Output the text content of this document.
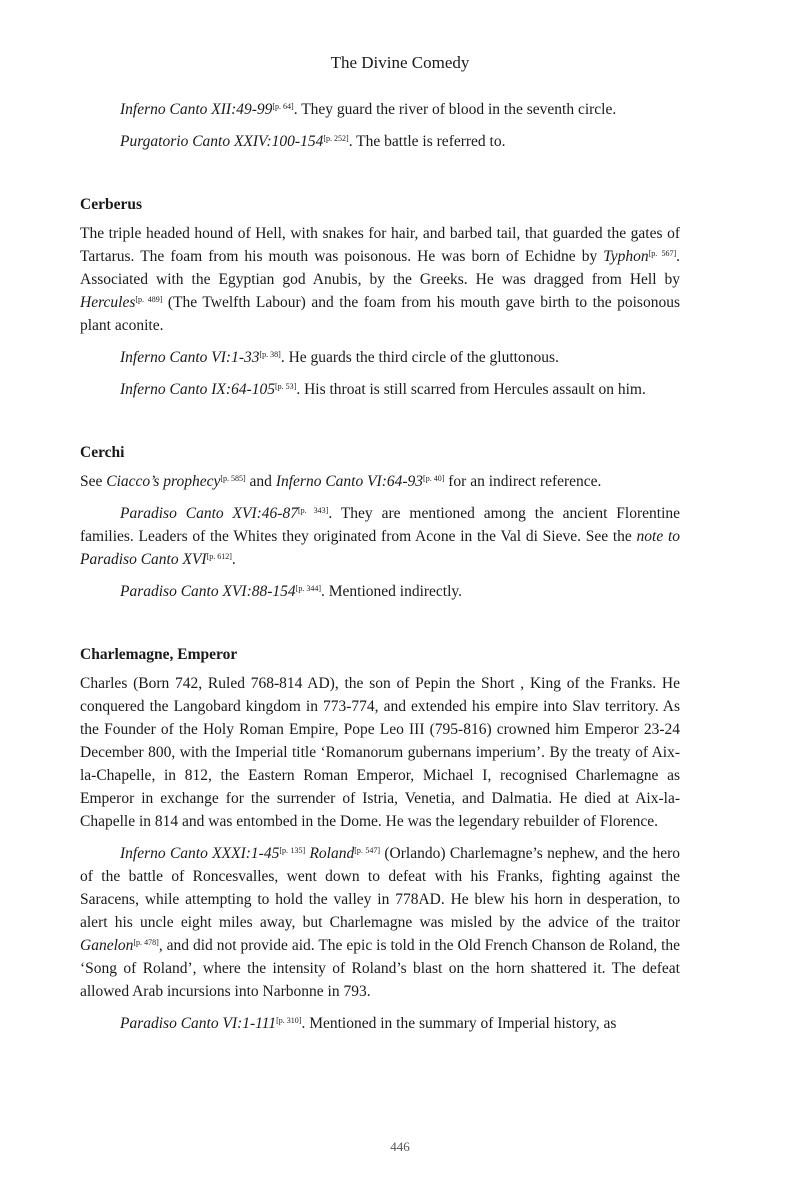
The Divine Comedy

Inferno Canto XII:49-99[p. 64]. They guard the river of blood in the seventh circle.

Purgatorio Canto XXIV:100-154[p. 252]. The battle is referred to.

Cerberus

The triple headed hound of Hell, with snakes for hair, and barbed tail, that guarded the gates of Tartarus. The foam from his mouth was poisonous. He was born of Echidne by Typhon[p. 567]. Associated with the Egyptian god Anubis, by the Greeks. He was dragged from Hell by Hercules[p. 489] (The Twelfth Labour) and the foam from his mouth gave birth to the poisonous plant aconite.

Inferno Canto VI:1-33[p. 38]. He guards the third circle of the gluttonous.

Inferno Canto IX:64-105[p. 53]. His throat is still scarred from Hercules assault on him.

Cerchi

See Ciacco’s prophecy[p. 585] and Inferno Canto VI:64-93[p. 40] for an indirect reference.

Paradiso Canto XVI:46-87[p. 343]. They are mentioned among the ancient Florentine families. Leaders of the Whites they originated from Acone in the Val di Sieve. See the note to Paradiso Canto XVI[p. 612].

Paradiso Canto XVI:88-154[p. 344]. Mentioned indirectly.

Charlemagne, Emperor

Charles (Born 742, Ruled 768-814 AD), the son of Pepin the Short , King of the Franks. He conquered the Langobard kingdom in 773-774, and extended his empire into Slav territory. As the Founder of the Holy Roman Empire, Pope Leo III (795-816) crowned him Emperor 23-24 December 800, with the Imperial title ‘Romanorum gubernans imperium’. By the treaty of Aix-la-Chapelle, in 812, the Eastern Roman Emperor, Michael I, recognised Charlemagne as Emperor in exchange for the surrender of Istria, Venetia, and Dalmatia. He died at Aix-la-Chapelle in 814 and was entombed in the Dome. He was the legendary rebuilder of Florence.

Inferno Canto XXXI:1-45[p. 135] Roland[p. 547] (Orlando) Charlemagne’s nephew, and the hero of the battle of Roncesvalles, went down to defeat with his Franks, fighting against the Saracens, while attempting to hold the valley in 778AD. He blew his horn in desperation, to alert his uncle eight miles away, but Charlemagne was misled by the advice of the traitor Ganelon[p. 478], and did not provide aid. The epic is told in the Old French Chanson de Roland, the ‘Song of Roland’, where the intensity of Roland’s blast on the horn shattered it. The defeat allowed Arab incursions into Narbonne in 793.

Paradiso Canto VI:1-111[p. 310]. Mentioned in the summary of Imperial history, as

446
